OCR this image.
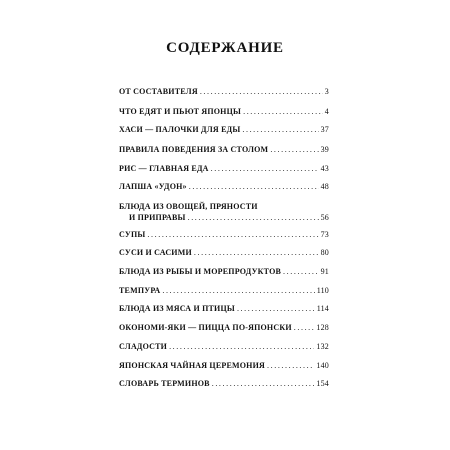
СОДЕРЖАНИЕ
ОТ СОСТАВИТЕЛЯ .....	3
ЧТО ЕДЯТ И ПЬЮТ ЯПОНЦЫ .....	4
ХАСИ — ПАЛОЧКИ ДЛЯ ЕДЫ .....	37
ПРАВИЛА ПОВЕДЕНИЯ ЗА СТОЛОМ .....	39
РИС — ГЛАВНАЯ ЕДА .....	43
ЛАПША «УДОН» .....	48
БЛЮДА ИЗ ОВОЩЕЙ, ПРЯНОСТИ
И ПРИПРАВЫ .....	56
СУПЫ .....	73
СУСИ И САСИМИ .....	80
БЛЮДА ИЗ РЫБЫ И МОРЕПРОДУКТОВ .....	91
ТЕМПУРА .....	110
БЛЮДА ИЗ МЯСА И ПТИЦЫ .....	114
ОКОНОМИ-ЯКИ — ПИЦЦА ПО-ЯПОНСКИ .....	128
СЛАДОСТИ .....	132
ЯПОНСКАЯ ЧАЙНАЯ ЦЕРЕМОНИЯ .....	140
СЛОВАРЬ ТЕРМИНОВ .....	154
